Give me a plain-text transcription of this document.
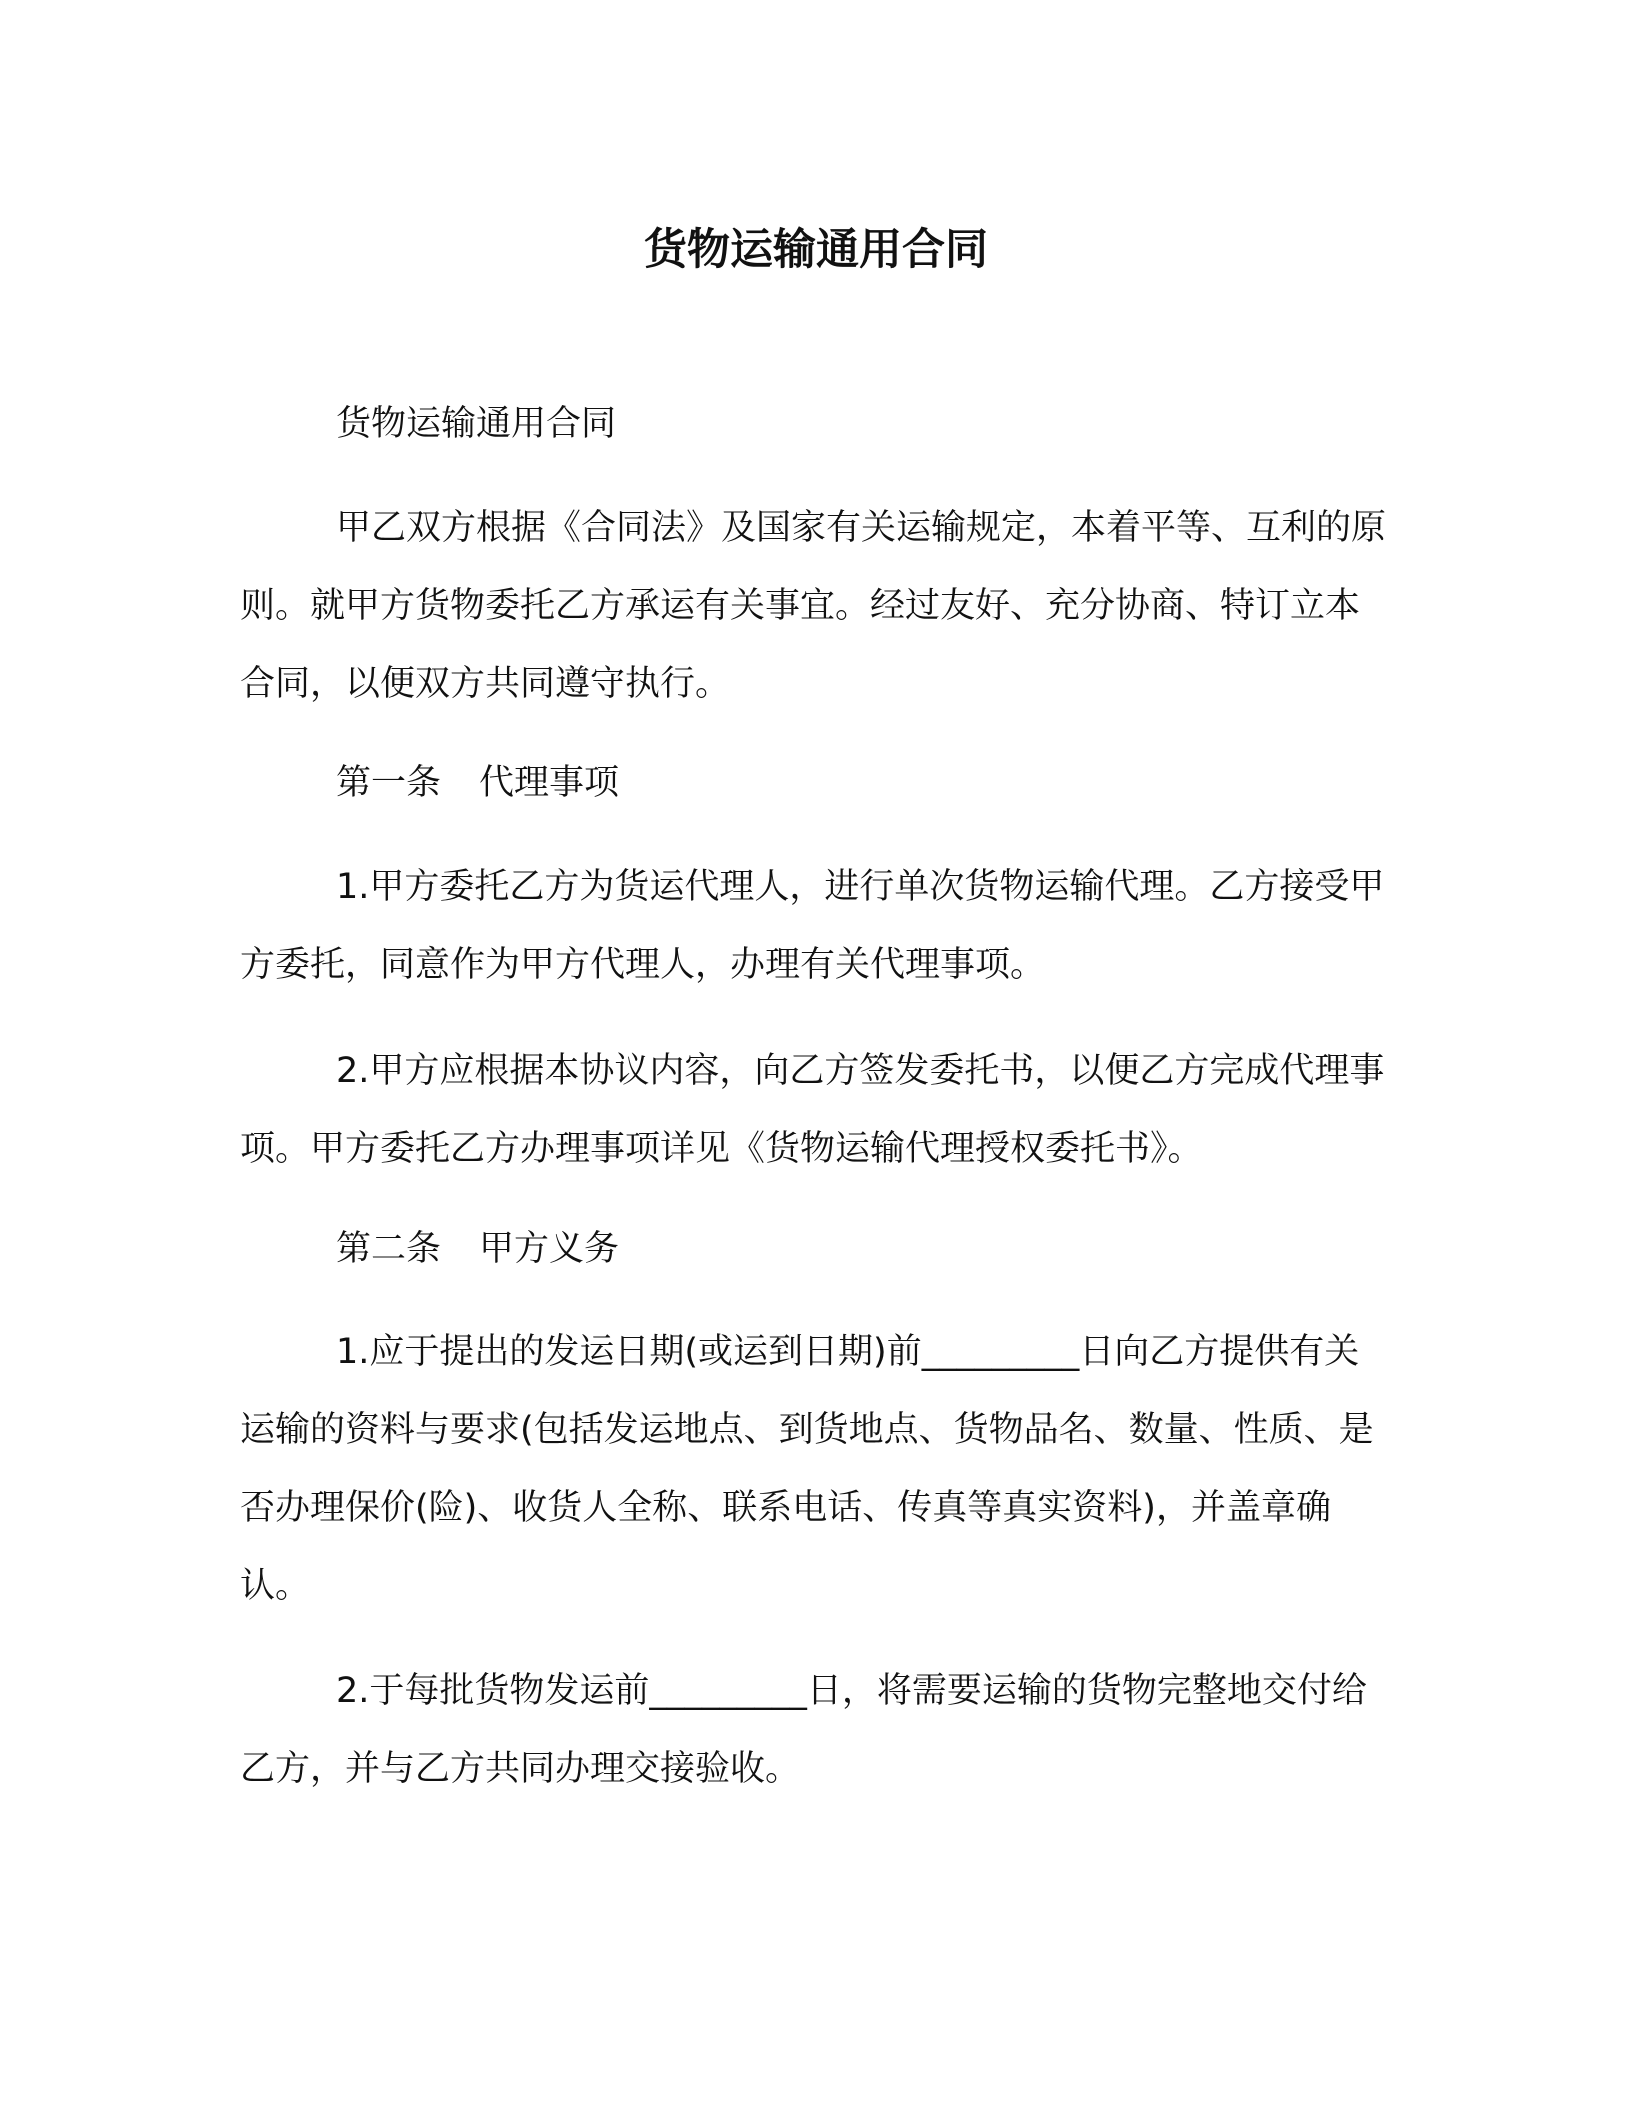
货物运输通用合同

货物运输通用合同

甲乙双方根据《合同法》及国家有关运输规定，本着平等、互利的原则。就甲方货物委托乙方承运有关事宜。经过友好、充分协商、特订立本合同，以便双方共同遵守执行。

第一条 代理事项

1.甲方委托乙方为货运代理人，进行单次货物运输代理。乙方接受甲方委托，同意作为甲方代理人，办理有关代理事项。

2.甲方应根据本协议内容，向乙方签发委托书，以便乙方完成代理事项。甲方委托乙方办理事项详见《货物运输代理授权委托书》。

第二条 甲方义务

1.应于提出的发运日期(或运到日期)前_________日向乙方提供有关运输的资料与要求(包括发运地点、到货地点、货物品名、数量、性质、是否办理保价(险)、收货人全称、联系电话、传真等真实资料)，并盖章确认。

2.于每批货物发运前_________日，将需要运输的货物完整地交付给乙方，并与乙方共同办理交接验收。
